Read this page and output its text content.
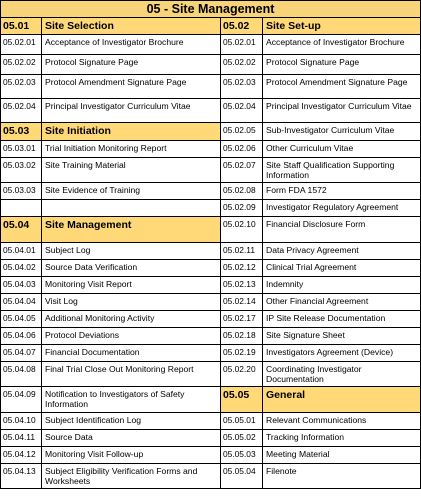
05 - Site Management			
05.01	Site Selection	05.02	Site Set-up
05.02.01	Acceptance of Investigator Brochure	05.02.01	Acceptance of Investigator Brochure
05.02.02	Protocol Signature Page	05.02.02	Protocol Signature Page
05.02.03	Protocol Amendment Signature Page	05.02.03	Protocol Amendment Signature Page
05.02.04	Principal Investigator Curriculum Vitae	05.02.04	Principal Investigator Curriculum Vitae
05.03	Site Initiation	05.02.05	Sub-Investigator Curriculum Vitae
05.03.01	Trial Initiation Monitoring Report	05.02.06	Other Curriculum Vitae
05.03.02	Site Training Material	05.02.07	Site Staff Qualification Supporting Information
05.03.03	Site Evidence of Training	05.02.08	Form FDA 1572
		05.02.09	Investigator Regulatory Agreement
05.04	Site Management	05.02.10	Financial Disclosure Form
05.04.01	Subject Log	05.02.11	Data Privacy Agreement
05.04.02	Source Data Verification	05.02.12	Clinical Trial Agreement
05.04.03	Monitoring Visit Report	05.02.13	Indemnity
05.04.04	Visit Log	05.02.14	Other Financial Agreement
05.04.05	Additional Monitoring Activity	05.02.17	IP Site Release Documentation
05.04.06	Protocol Deviations	05.02.18	Site Signature Sheet
05.04.07	Financial Documentation	05.02.19	Investigators Agreement (Device)
05.04.08	Final Trial Close Out Monitoring Report	05.02.20	Coordinating Investigator Documentation
05.04.09	Notification to Investigators of Safety Information	05.05	General
05.04.10	Subject Identification Log	05.05.01	Relevant Communications
05.04.11	Source Data	05.05.02	Tracking Information
05.04.12	Monitoring Visit Follow-up	05.05.03	Meeting Material
05.04.13	Subject Eligibility Verification Forms and Worksheets	05.05.04	Filenote
